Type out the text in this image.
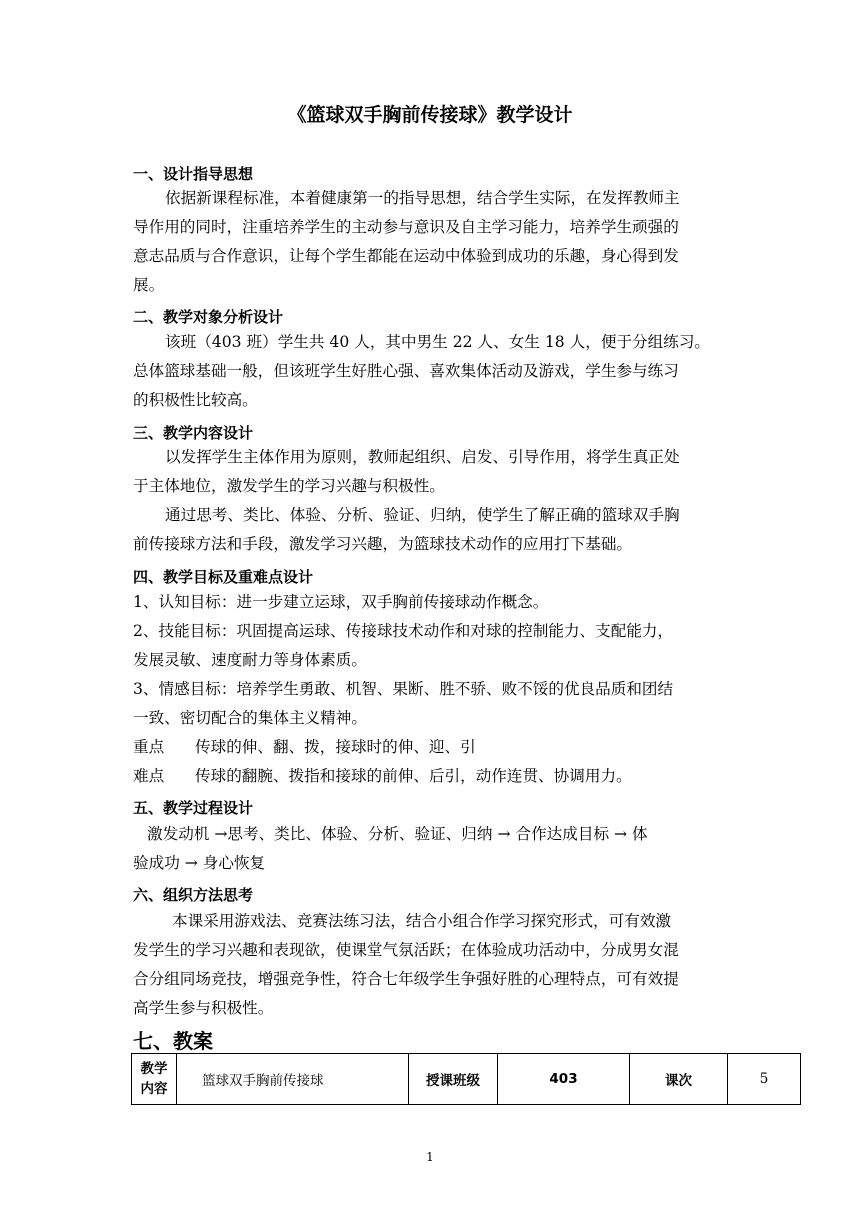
《篮球双手胸前传接球》教学设计
一、设计指导思想
依据新课程标准，本着健康第一的指导思想，结合学生实际，在发挥教师主
导作用的同时，注重培养学生的主动参与意识及自主学习能力，培养学生顽强的
意志品质与合作意识，让每个学生都能在运动中体验到成功的乐趣，身心得到发
展。
二、教学对象分析设计
该班（403 班）学生共 40 人，其中男生 22 人、女生 18 人，便于分组练习。
总体篮球基础一般，但该班学生好胜心强、喜欢集体活动及游戏，学生参与练习
的积极性比较高。
三、教学内容设计
以发挥学生主体作用为原则，教师起组织、启发、引导作用，将学生真正处
于主体地位，激发学生的学习兴趣与积极性。
通过思考、类比、体验、分析、验证、归纳，使学生了解正确的篮球双手胸
前传接球方法和手段，激发学习兴趣，为篮球技术动作的应用打下基础。
四、教学目标及重难点设计
1、认知目标：进一步建立运球，双手胸前传接球动作概念。
2、技能目标：巩固提高运球、传接球技术动作和对球的控制能力、支配能力，
发展灵敏、速度耐力等身体素质。
3、情感目标：培养学生勇敢、机智、果断、胜不骄、败不馁的优良品质和团结
一致、密切配合的集体主义精神。
重点 传球的伸、翻、拨，接球时的伸、迎、引
难点 传球的翻腕、拨指和接球的前伸、后引，动作连贯、协调用力。
五、教学过程设计
激发动机 →思考、类比、体验、分析、验证、归纳 → 合作达成目标 → 体
验成功 → 身心恢复
六、组织方法思考
本课采用游戏法、竞赛法练习法，结合小组合作学习探究形式，可有效激
发学生的学习兴趣和表现欲，使课堂气氛活跃；在体验成功活动中，分成男女混
合分组同场竞技，增强竞争性，符合七年级学生争强好胜的心理特点，可有效提
高学生参与积极性。
七、教案
教学
内容	篮球双手胸前传接球	授课班级	403	课次	5
1
